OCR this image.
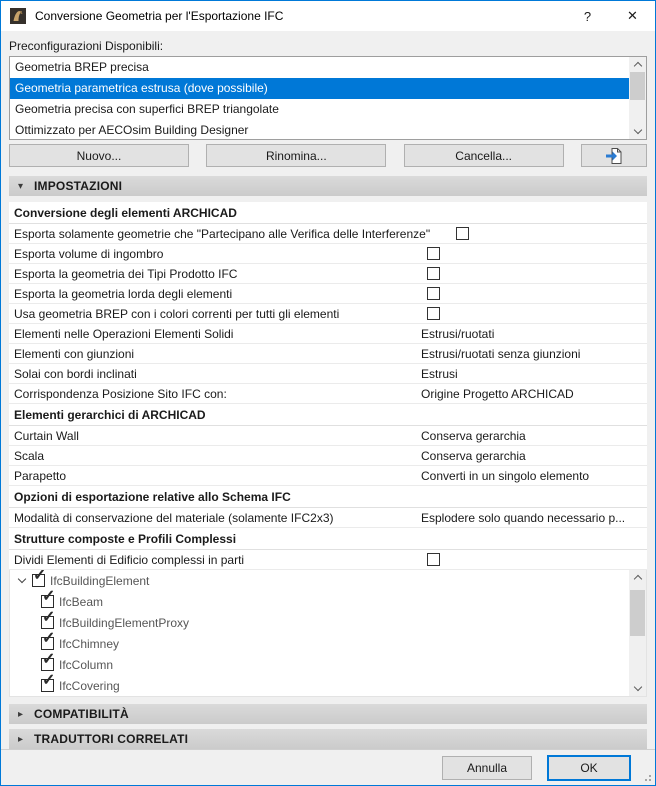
Conversione Geometria per l'Esportazione IFC	?	✕
Preconfigurazioni Disponibili:
Geometria BREP precisa
Geometria parametrica estrusa (dove possibile)
Geometria precisa con superfici BREP triangolate
Ottimizzato per AECOsim Building Designer
Nuovo...	Rinomina...	Cancella...
▾ IMPOSTAZIONI
Conversione degli elementi ARCHICAD
Esporta solamente geometrie che "Partecipano alle Verifica delle Interferenze"
Esporta volume di ingombro
Esporta la geometria dei Tipi Prodotto IFC
Esporta la geometria lorda degli elementi
Usa geometria BREP con i colori correnti per tutti gli elementi
Elementi nelle Operazioni Elementi Solidi	Estrusi/ruotati
Elementi con giunzioni	Estrusi/ruotati senza giunzioni
Solai con bordi inclinati	Estrusi
Corrispondenza Posizione Sito IFC con:	Origine Progetto ARCHICAD
Elementi gerarchici di ARCHICAD
Curtain Wall	Conserva gerarchia
Scala	Conserva gerarchia
Parapetto	Converti in un singolo elemento
Opzioni di esportazione relative allo Schema IFC
Modalità di conservazione del materiale (solamente IFC2x3)	Esplodere solo quando necessario p...
Strutture composte e Profili Complessi
Dividi Elementi di Edificio complessi in parti
✓ IfcBuildingElement
✓ IfcBeam
✓ IfcBuildingElementProxy
✓ IfcChimney
✓ IfcColumn
✓ IfcCovering
▸ COMPATIBILITÀ
▸ TRADUTTORI CORRELATI
Annulla	OK
